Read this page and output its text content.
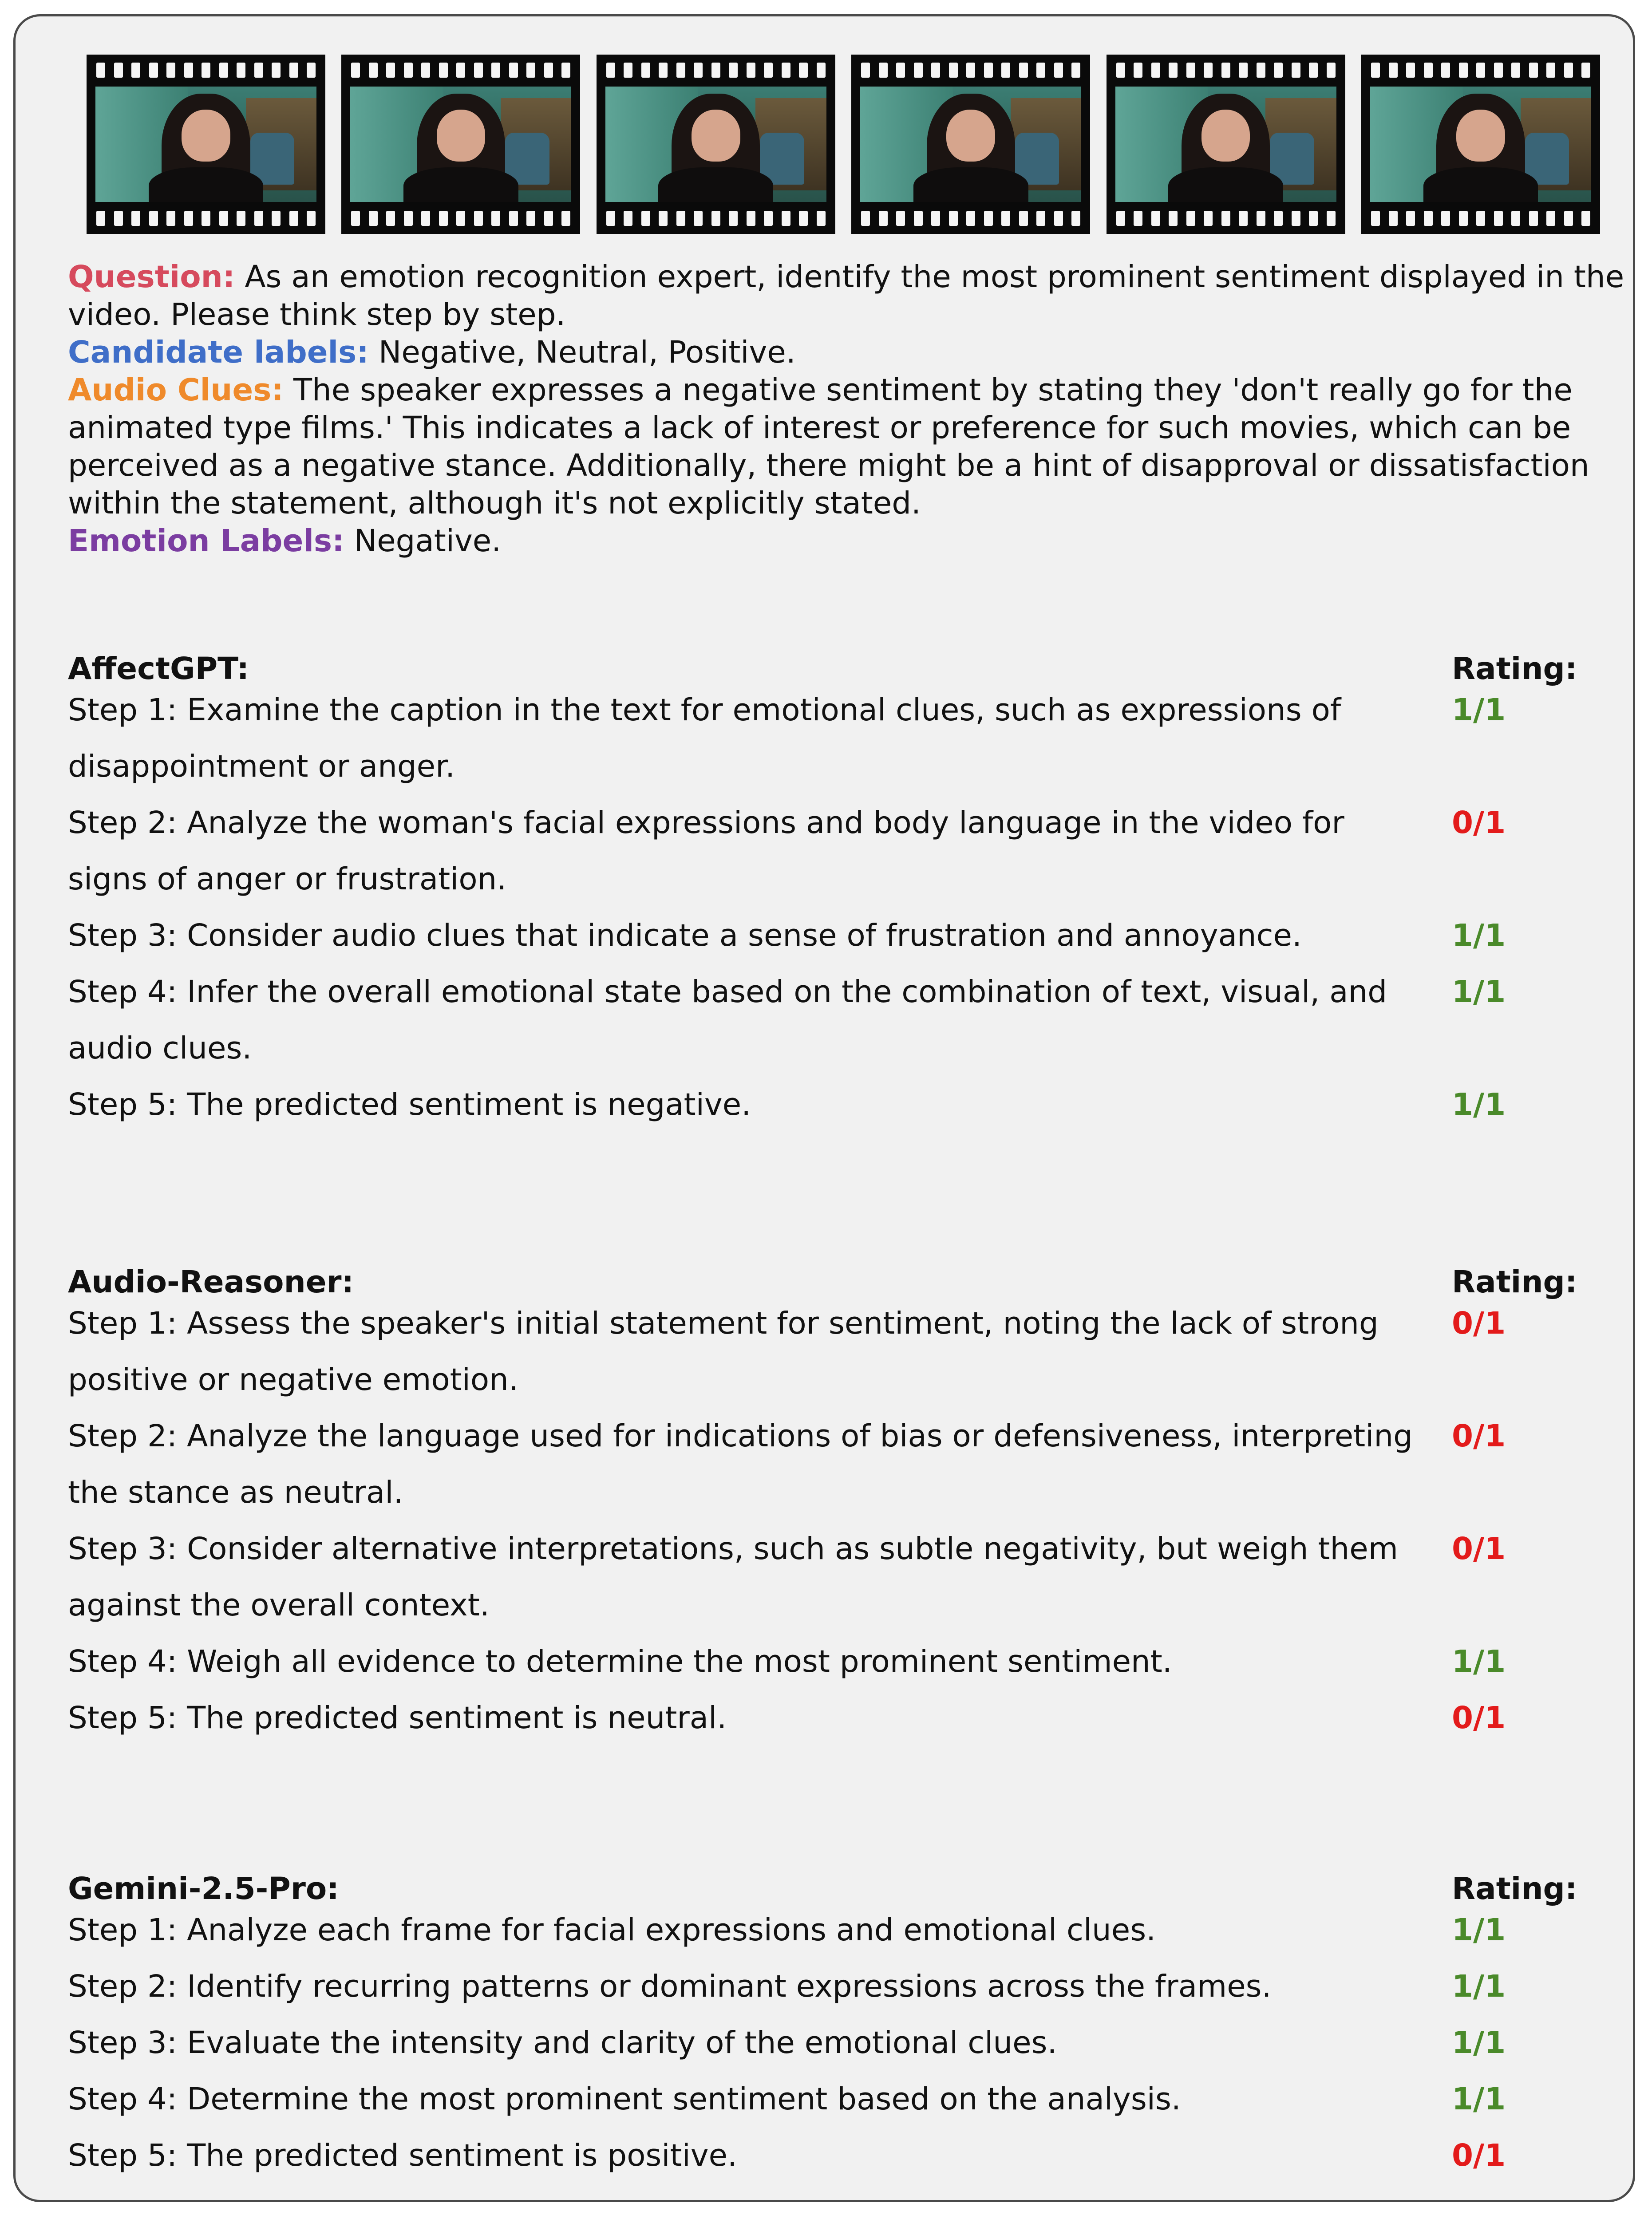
Question: As an emotion recognition expert, identify the most prominent sentiment displayed in the video. Please think step by step.

Candidate labels: Negative, Neutral, Positive.

Audio Clues: The speaker expresses a negative sentiment by stating they 'don't really go for the animated type films.' This indicates a lack of interest or preference for such movies, which can be perceived as a negative stance. Additionally, there might be a hint of disapproval or dissatisfaction within the statement, although it's not explicitly stated.

Emotion Labels: Negative.

AffectGPT:	Rating:
Step 1: Examine the caption in the text for emotional clues, such as expressions of disappointment or anger.
1/1
Step 2: Analyze the woman's facial expressions and body language in the video for signs of anger or frustration.
0/1
Step 3: Consider audio clues that indicate a sense of frustration and annoyance.	1/1
Step 4: Infer the overall emotional state based on the combination of text, visual, and audio clues.
1/1
Step 5: The predicted sentiment is negative.	1/1
Audio-Reasoner:	Rating:
Step 1: Assess the speaker's initial statement for sentiment, noting the lack of strong positive or negative emotion.
0/1
Step 2: Analyze the language used for indications of bias or defensiveness, interpreting the stance as neutral.
0/1
Step 3: Consider alternative interpretations, such as subtle negativity, but weigh them against the overall context.
0/1
Step 4: Weigh all evidence to determine the most prominent sentiment.	1/1
Step 5: The predicted sentiment is neutral.	0/1
Gemini-2.5-Pro:	Rating:
Step 1: Analyze each frame for facial expressions and emotional clues.	1/1
Step 2: Identify recurring patterns or dominant expressions across the frames.	1/1
Step 3: Evaluate the intensity and clarity of the emotional clues.	1/1
Step 4: Determine the most prominent sentiment based on the analysis.	1/1
Step 5: The predicted sentiment is positive.	0/1
